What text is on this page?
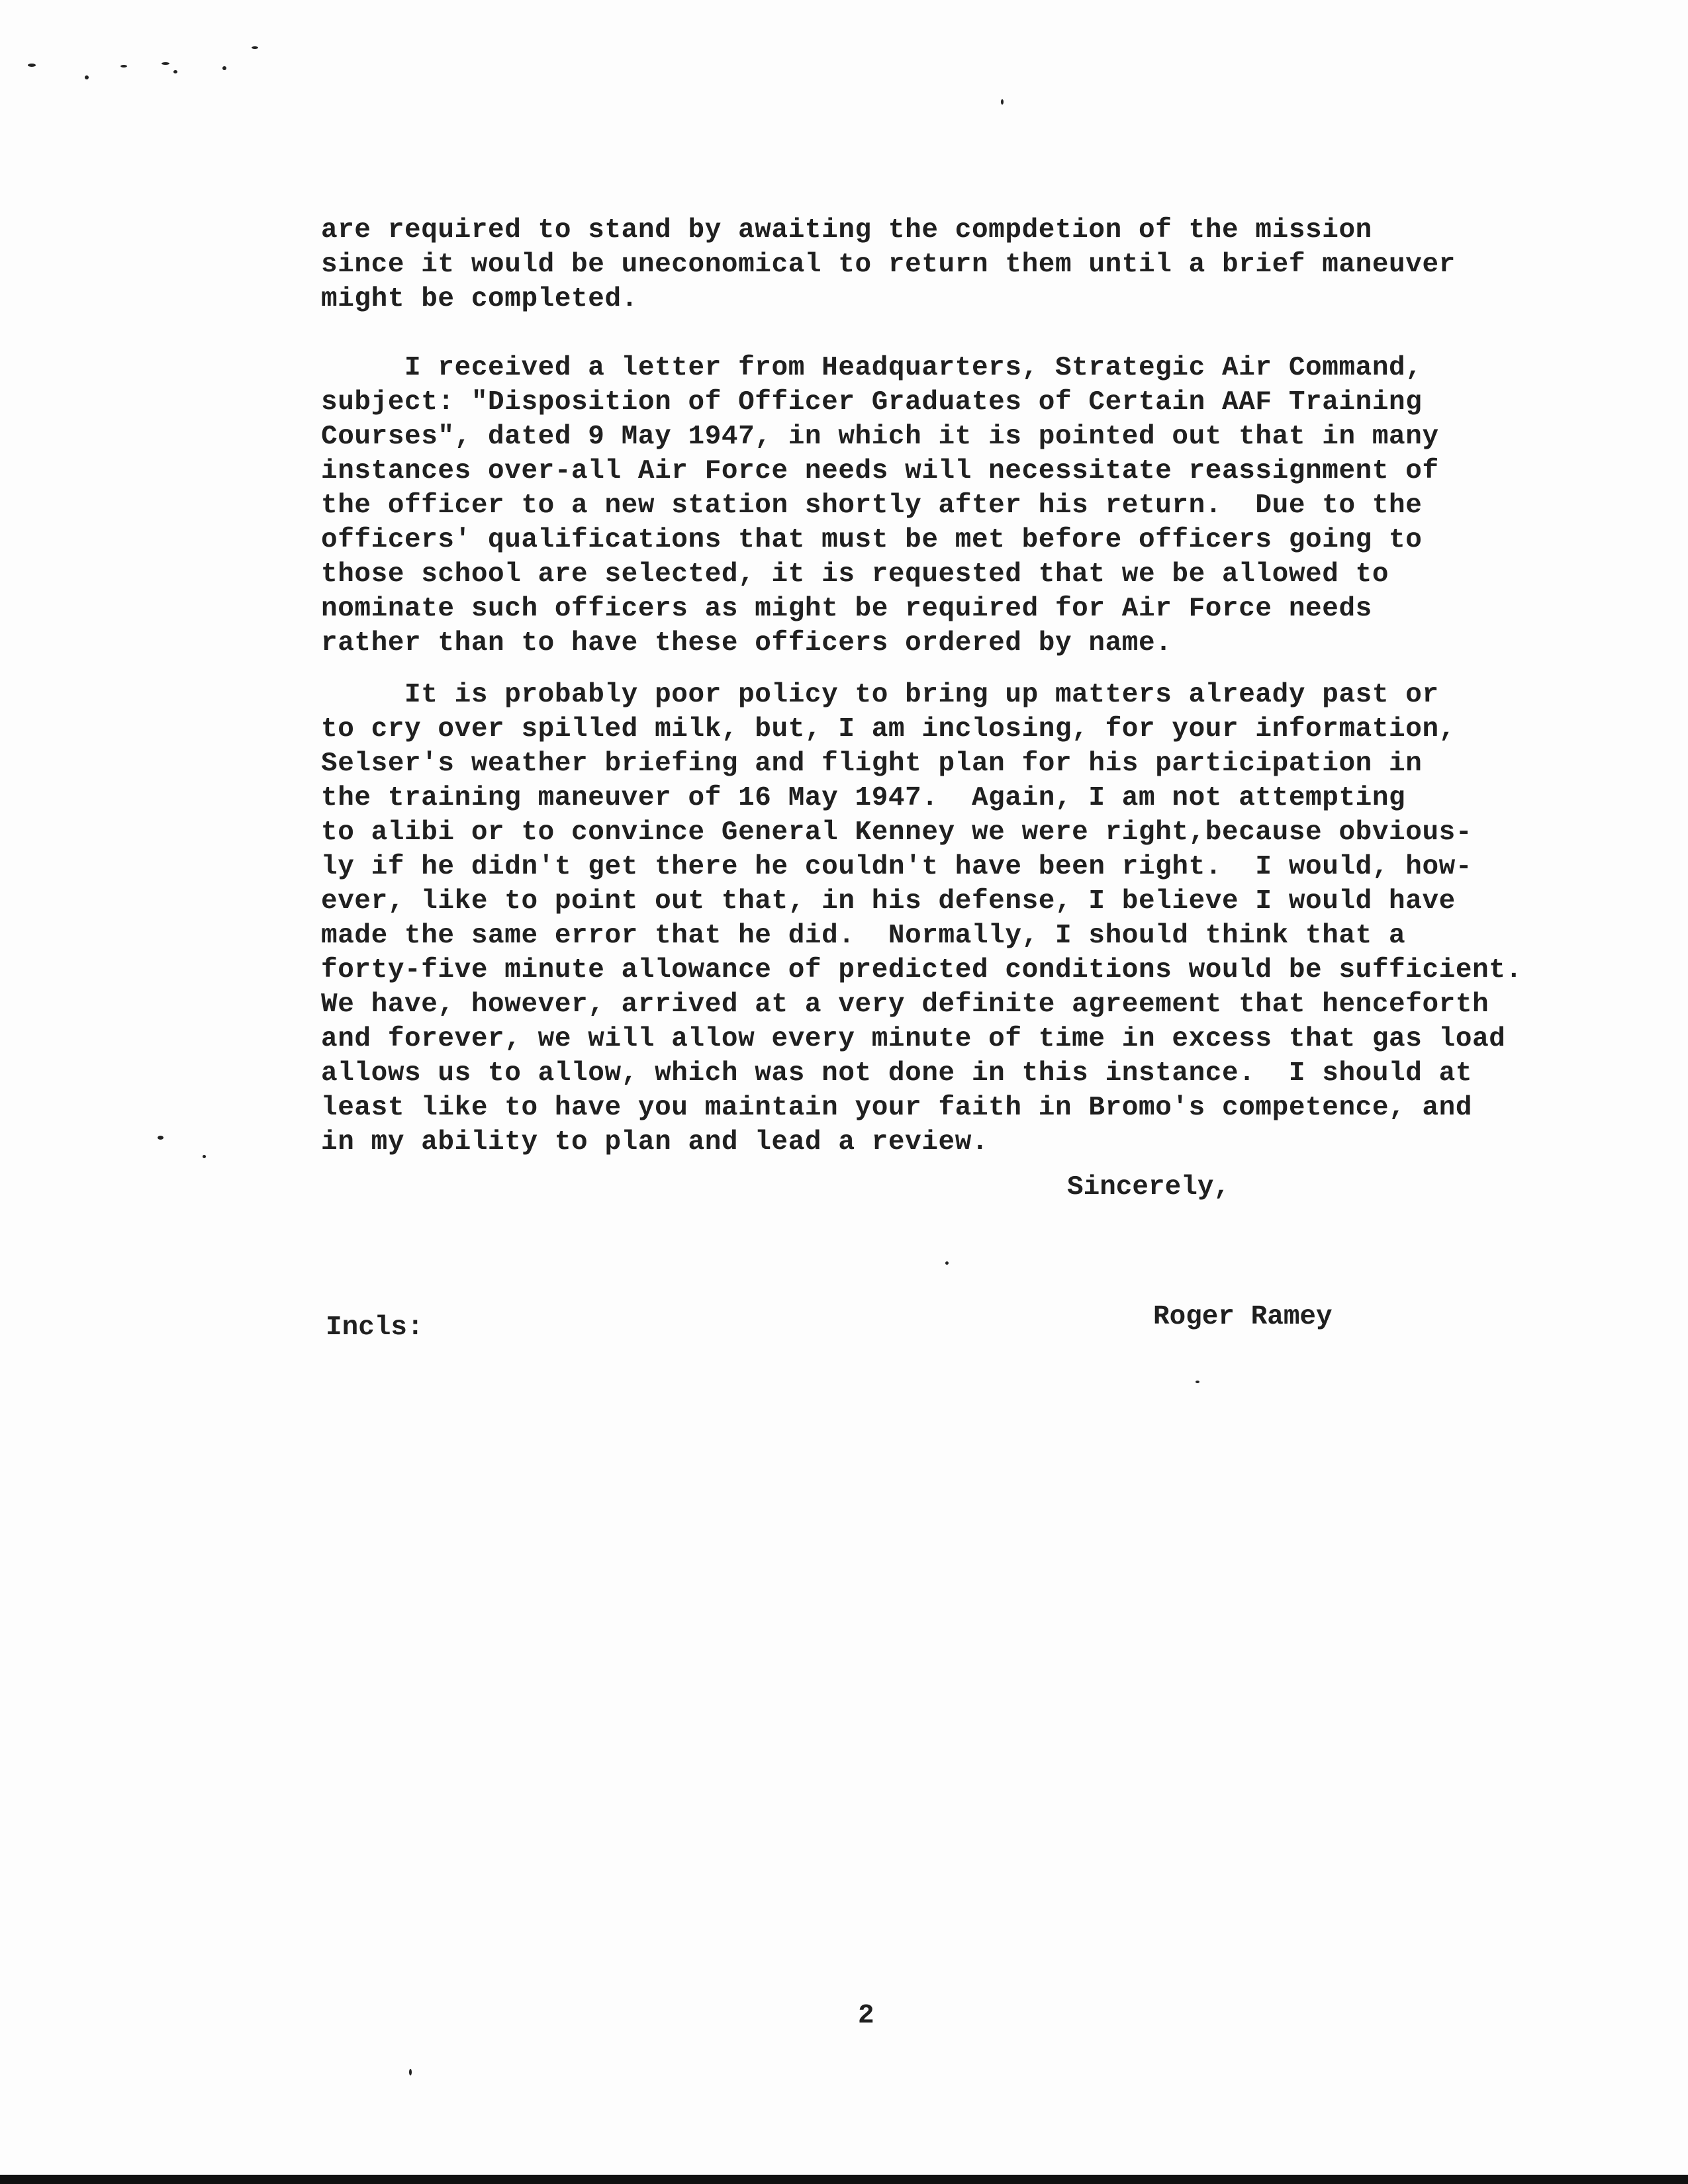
are required to stand by awaiting the compdetion of the mission
since it would be uneconomical to return them until a brief maneuver
might be completed.
I received a letter from Headquarters, Strategic Air Command,
subject: "Disposition of Officer Graduates of Certain AAF Training
Courses", dated 9 May 1947, in which it is pointed out that in many
instances over-all Air Force needs will necessitate reassignment of
the officer to a new station shortly after his return.  Due to the
officers' qualifications that must be met before officers going to
those school are selected, it is requested that we be allowed to
nominate such officers as might be required for Air Force needs
rather than to have these officers ordered by name.
It is probably poor policy to bring up matters already past or
to cry over spilled milk, but, I am inclosing, for your information,
Selser's weather briefing and flight plan for his participation in
the training maneuver of 16 May 1947.  Again, I am not attempting
to alibi or to convince General Kenney we were right,because obvious-
ly if he didn't get there he couldn't have been right.  I would, how-
ever, like to point out that, in his defense, I believe I would have
made the same error that he did.  Normally, I should think that a
forty-five minute allowance of predicted conditions would be sufficient.
We have, however, arrived at a very definite agreement that henceforth
and forever, we will allow every minute of time in excess that gas load
allows us to allow, which was not done in this instance.  I should at
least like to have you maintain your faith in Bromo's competence, and
in my ability to plan and lead a review.
Sincerely,
Incls:	Roger Ramey
2
